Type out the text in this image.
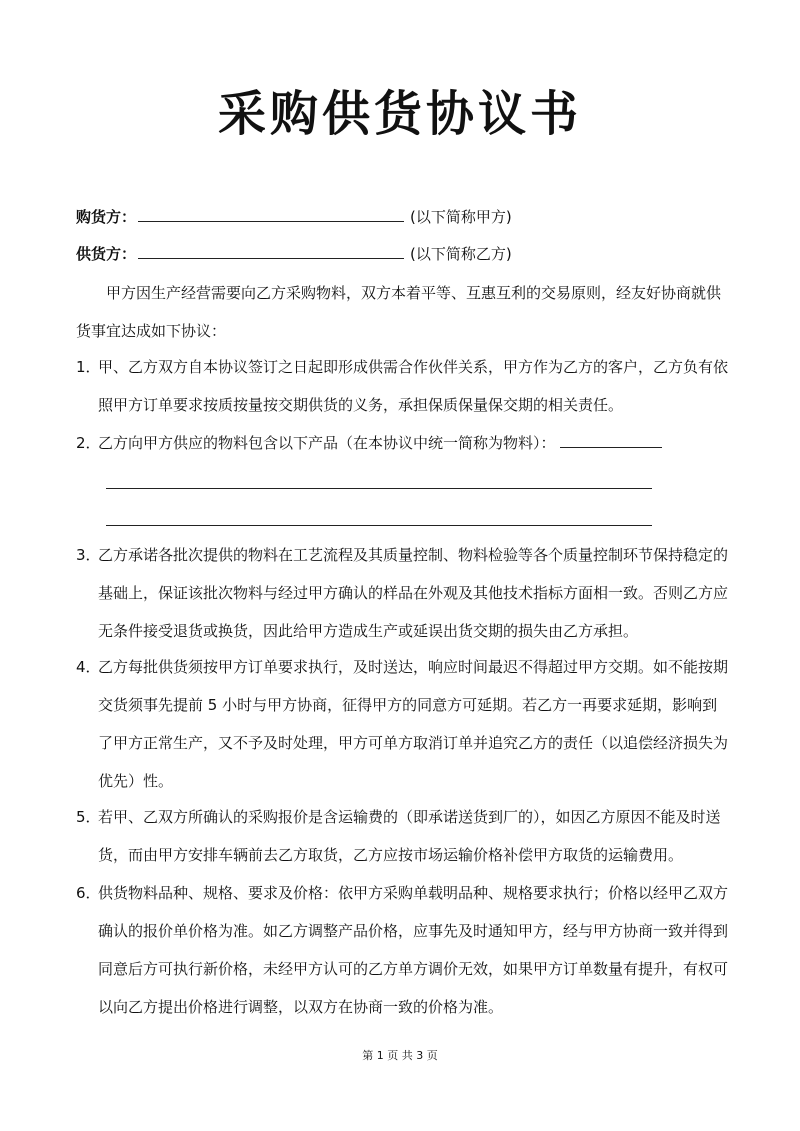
采购供货协议书
购货方：	(以下简称甲方)
供货方：	(以下简称乙方)
甲方因生产经营需要向乙方采购物料，双方本着平等、互惠互利的交易原则，经友好协商就供货事宜达成如下协议：
1．
甲、乙方双方自本协议签订之日起即形成供需合作伙伴关系，甲方作为乙方的客户，乙方负有依照甲方订单要求按质按量按交期供货的义务，承担保质保量保交期的相关责任。
2．
乙方向甲方供应的物料包含以下产品（在本协议中统一简称为物料）：
3．
乙方承诺各批次提供的物料在工艺流程及其质量控制、物料检验等各个质量控制环节保持稳定的基础上，保证该批次物料与经过甲方确认的样品在外观及其他技术指标方面相一致。否则乙方应无条件接受退货或换货，因此给甲方造成生产或延误出货交期的损失由乙方承担。
4．
乙方每批供货须按甲方订单要求执行，及时送达，响应时间最迟不得超过甲方交期。如不能按期交货须事先提前 5 小时与甲方协商，征得甲方的同意方可延期。若乙方一再要求延期，影响到了甲方正常生产，又不予及时处理，甲方可单方取消订单并追究乙方的责任（以追偿经济损失为优先）性。
5．
若甲、乙双方所确认的采购报价是含运输费的（即承诺送货到厂的），如因乙方原因不能及时送货，而由甲方安排车辆前去乙方取货，乙方应按市场运输价格补偿甲方取货的运输费用。
6．
供货物料品种、规格、要求及价格：依甲方采购单载明品种、规格要求执行；价格以经甲乙双方确认的报价单价格为准。如乙方调整产品价格，应事先及时通知甲方，经与甲方协商一致并得到同意后方可执行新价格，未经甲方认可的乙方单方调价无效，如果甲方订单数量有提升，有权可以向乙方提出价格进行调整，以双方在协商一致的价格为准。
第 1 页 共 3 页
